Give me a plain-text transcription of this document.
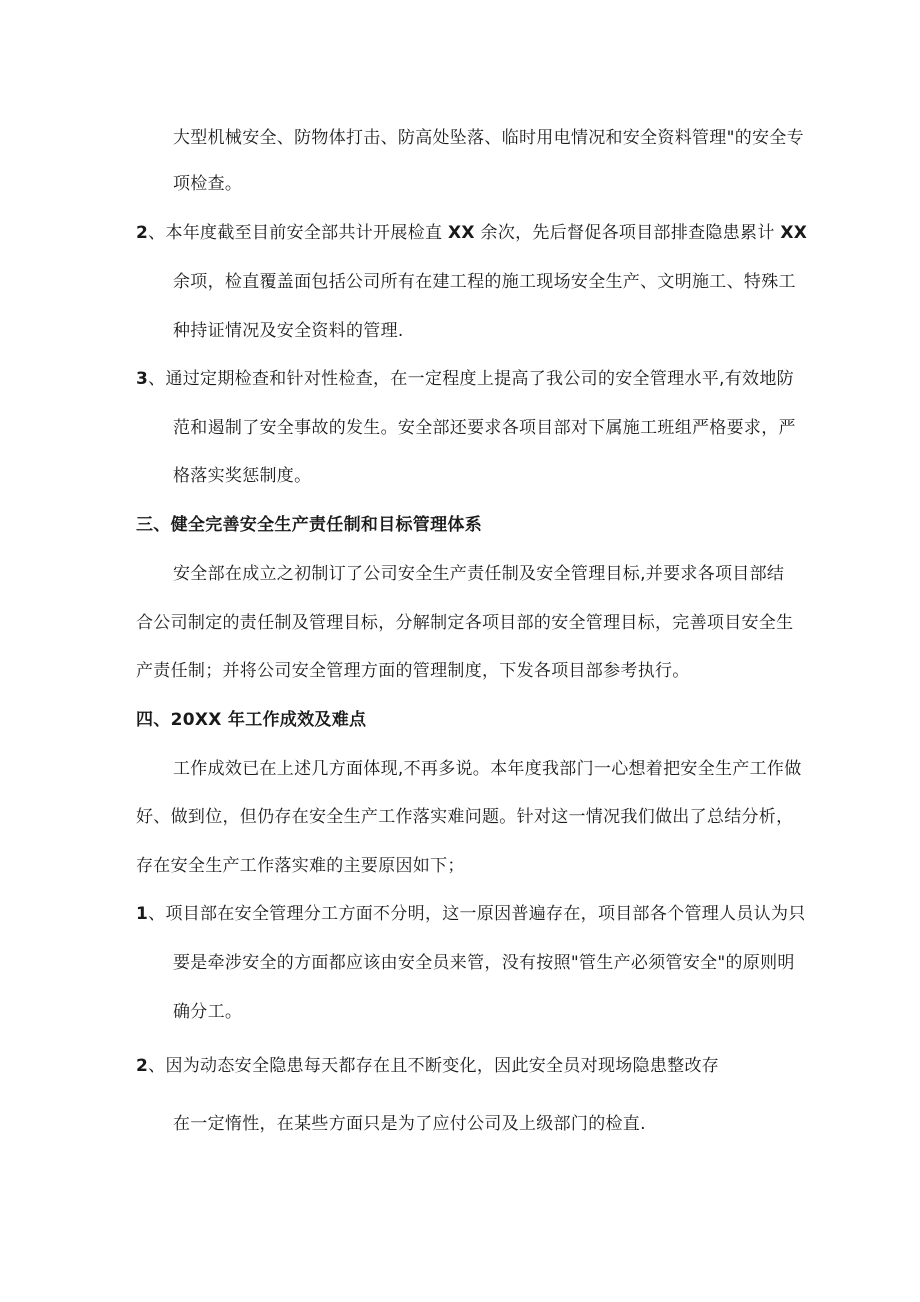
大型机械安全、防物体打击、防高处坠落、临时用电情况和安全资料管理"的安全专
项检查。
2、本年度截至目前安全部共计开展检直 XX 余次，先后督促各项目部排查隐患累计 XX
余项，检直覆盖面包括公司所有在建工程的施工现场安全生产、文明施工、特殊工
种持证情况及安全资料的管理.
3、通过定期检查和针对性检查，在一定程度上提高了我公司的安全管理水平,有效地防
范和遏制了安全事故的发生。安全部还要求各项目部对下属施工班组严格要求，严
格落实奖惩制度。
三、健全完善安全生产责任制和目标管理体系
安全部在成立之初制订了公司安全生产责任制及安全管理目标,并要求各项目部结
合公司制定的责任制及管理目标，分解制定各项目部的安全管理目标，完善项目安全生
产责任制；并将公司安全管理方面的管理制度，下发各项目部参考执行。
四、20XX 年工作成效及难点
工作成效已在上述几方面体现,不再多说。本年度我部门一心想着把安全生产工作做
好、做到位，但仍存在安全生产工作落实难问题。针对这一情况我们做出了总结分析，
存在安全生产工作落实难的主要原因如下；
1、项目部在安全管理分工方面不分明，这一原因普遍存在，项目部各个管理人员认为只
要是牵涉安全的方面都应该由安全员来管，没有按照"管生产必须管安全"的原则明
确分工。
2、因为动态安全隐患每天都存在且不断变化，因此安全员对现场隐患整改存
在一定惰性，在某些方面只是为了应付公司及上级部门的检直.
